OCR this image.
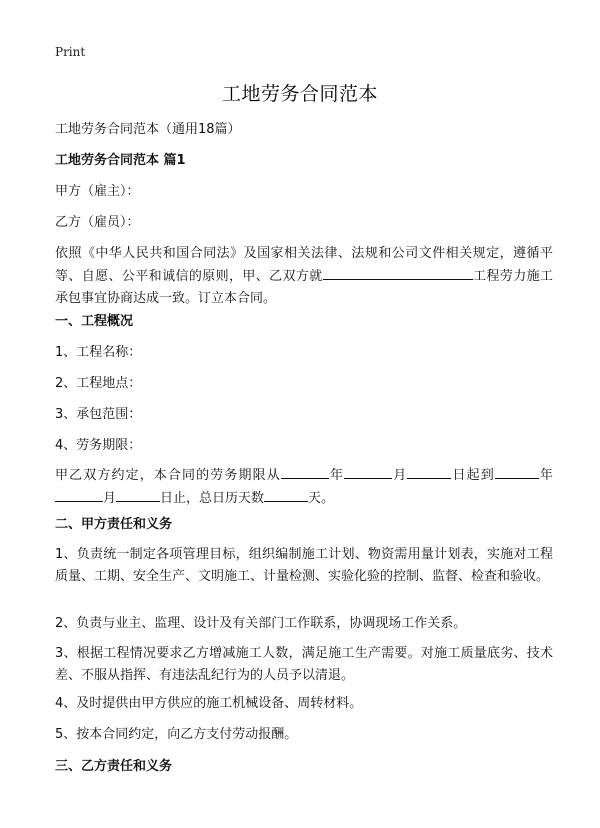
Print
工地劳务合同范本
工地劳务合同范本（通用18篇）
工地劳务合同范本 篇1
甲方（雇主）：
乙方（雇员）：
依照《中华人民共和国合同法》及国家相关法律、法规和公司文件相关规定，遵循平等、自愿、公平和诚信的原则，甲、乙双方就	工程劳力施工承包事宜协商达成一致。订立本合同。
一、工程概况
1、工程名称：
2、工程地点：
3、承包范围：
4、劳务期限：
甲乙双方约定，本合同的劳务期限从	年	月	日起到	年月	日止，总日历天数	天。
二、甲方责任和义务
1、负责统一制定各项管理目标，组织编制施工计划、物资需用量计划表，实施对工程质量、工期、安全生产、文明施工、计量检测、实验化验的控制、监督、检查和验收。
2、负责与业主、监理、设计及有关部门工作联系，协调现场工作关系。
3、根据工程情况要求乙方增减施工人数，满足施工生产需要。对施工质量底劣、技术差、不服从指挥、有违法乱纪行为的人员予以清退。
4、及时提供由甲方供应的施工机械设备、周转材料。
5、按本合同约定，向乙方支付劳动报酬。
三、乙方责任和义务
